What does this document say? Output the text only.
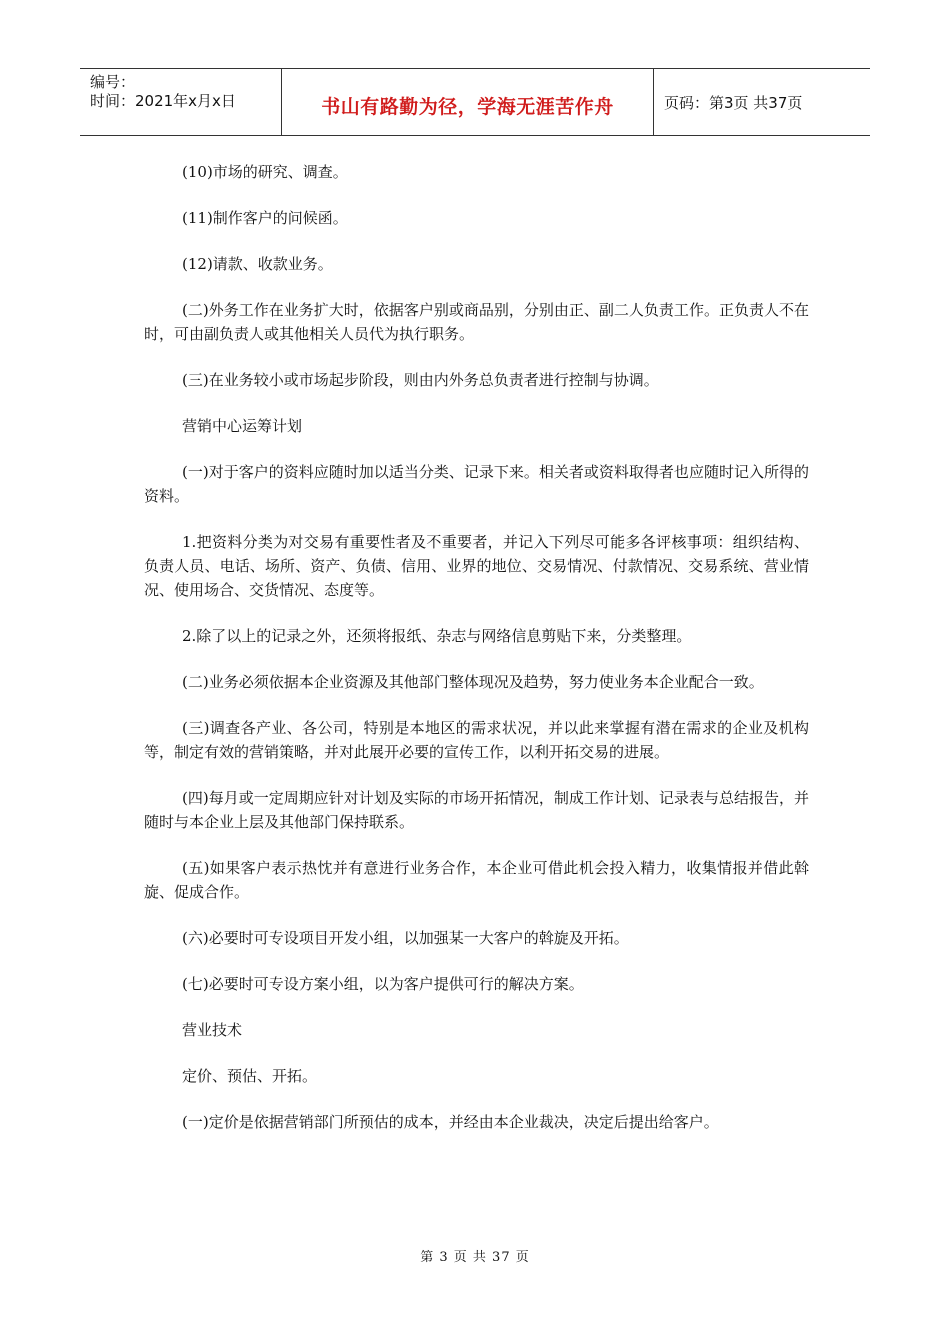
编号：
时间：2021年x月x日	书山有路勤为径，学海无涯苦作舟	页码：第3页 共37页

(10)市场的研究、调查。

(11)制作客户的问候函。

(12)请款、收款业务。

(二)外务工作在业务扩大时，依据客户别或商品别，分别由正、副二人负责工作。正负责人不在时，可由副负责人或其他相关人员代为执行职务。

(三)在业务较小或市场起步阶段，则由内外务总负责者进行控制与协调。

营销中心运筹计划

(一)对于客户的资料应随时加以适当分类、记录下来。相关者或资料取得者也应随时记入所得的资料。

1.把资料分类为对交易有重要性者及不重要者，并记入下列尽可能多各评核事项：组织结构、负责人员、电话、场所、资产、负债、信用、业界的地位、交易情况、付款情况、交易系统、营业情况、使用场合、交货情况、态度等。

2.除了以上的记录之外，还须将报纸、杂志与网络信息剪贴下来，分类整理。

(二)业务必须依据本企业资源及其他部门整体现况及趋势，努力使业务本企业配合一致。

(三)调查各产业、各公司，特别是本地区的需求状况，并以此来掌握有潜在需求的企业及机构等，制定有效的营销策略，并对此展开必要的宣传工作，以利开拓交易的进展。

(四)每月或一定周期应针对计划及实际的市场开拓情况，制成工作计划、记录表与总结报告，并随时与本企业上层及其他部门保持联系。

(五)如果客户表示热忱并有意进行业务合作，本企业可借此机会投入精力，收集情报并借此斡旋、促成合作。

(六)必要时可专设项目开发小组，以加强某一大客户的斡旋及开拓。

(七)必要时可专设方案小组，以为客户提供可行的解决方案。

营业技术

定价、预估、开拓。

(一)定价是依据营销部门所预估的成本，并经由本企业裁决，决定后提出给客户。

第 3 页 共 37 页
